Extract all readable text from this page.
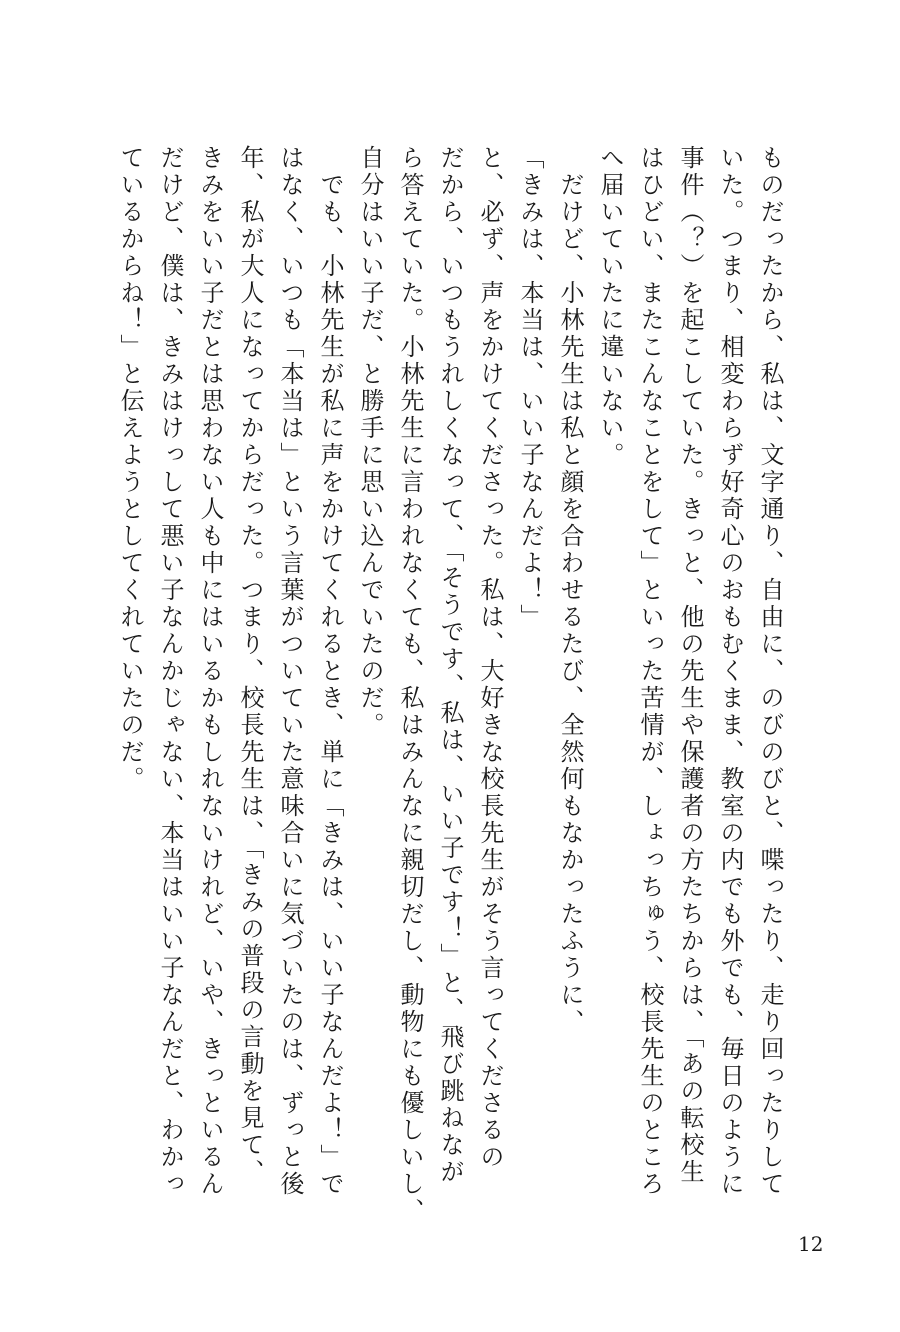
ものだったから、私は、文字通り、自由に、のびのびと、喋ったり、走り回ったりして

いた。つまり、相変わらず好奇心のおもむくまま、教室の内でも外でも、毎日のように

事件（？）を起こしていた。きっと、他の先生や保護者の方たちからは、「あの転校生

はひどい、またこんなことをして」といった苦情が、しょっちゅう、校長先生のところ

へ届いていたに違いない。

　だけど、小林先生は私と顔を合わせるたび、全然何もなかったふうに、

「きみは、本当は、いい子なんだよ！」

と、必ず、声をかけてくださった。私は、大好きな校長先生がそう言ってくださるの

だから、いつもうれしくなって、「そうです、私は、いい子です！」と、飛び跳ねなが

ら答えていた。小林先生に言われなくても、私はみんなに親切だし、動物にも優しいし、

自分はいい子だ、と勝手に思い込んでいたのだ。

　でも、小林先生が私に声をかけてくれるとき、単に「きみは、いい子なんだよ！」で

はなく、いつも「本当は」という言葉がついていた意味合いに気づいたのは、ずっと後

年、私が大人になってからだった。つまり、校長先生は、「きみの普段の言動を見て、

きみをいい子だとは思わない人も中にはいるかもしれないけれど、いや、きっといるん

だけど、僕は、きみはけっして悪い子なんかじゃない、本当はいい子なんだと、わかっ

ているからね！」と伝えようとしてくれていたのだ。

12
